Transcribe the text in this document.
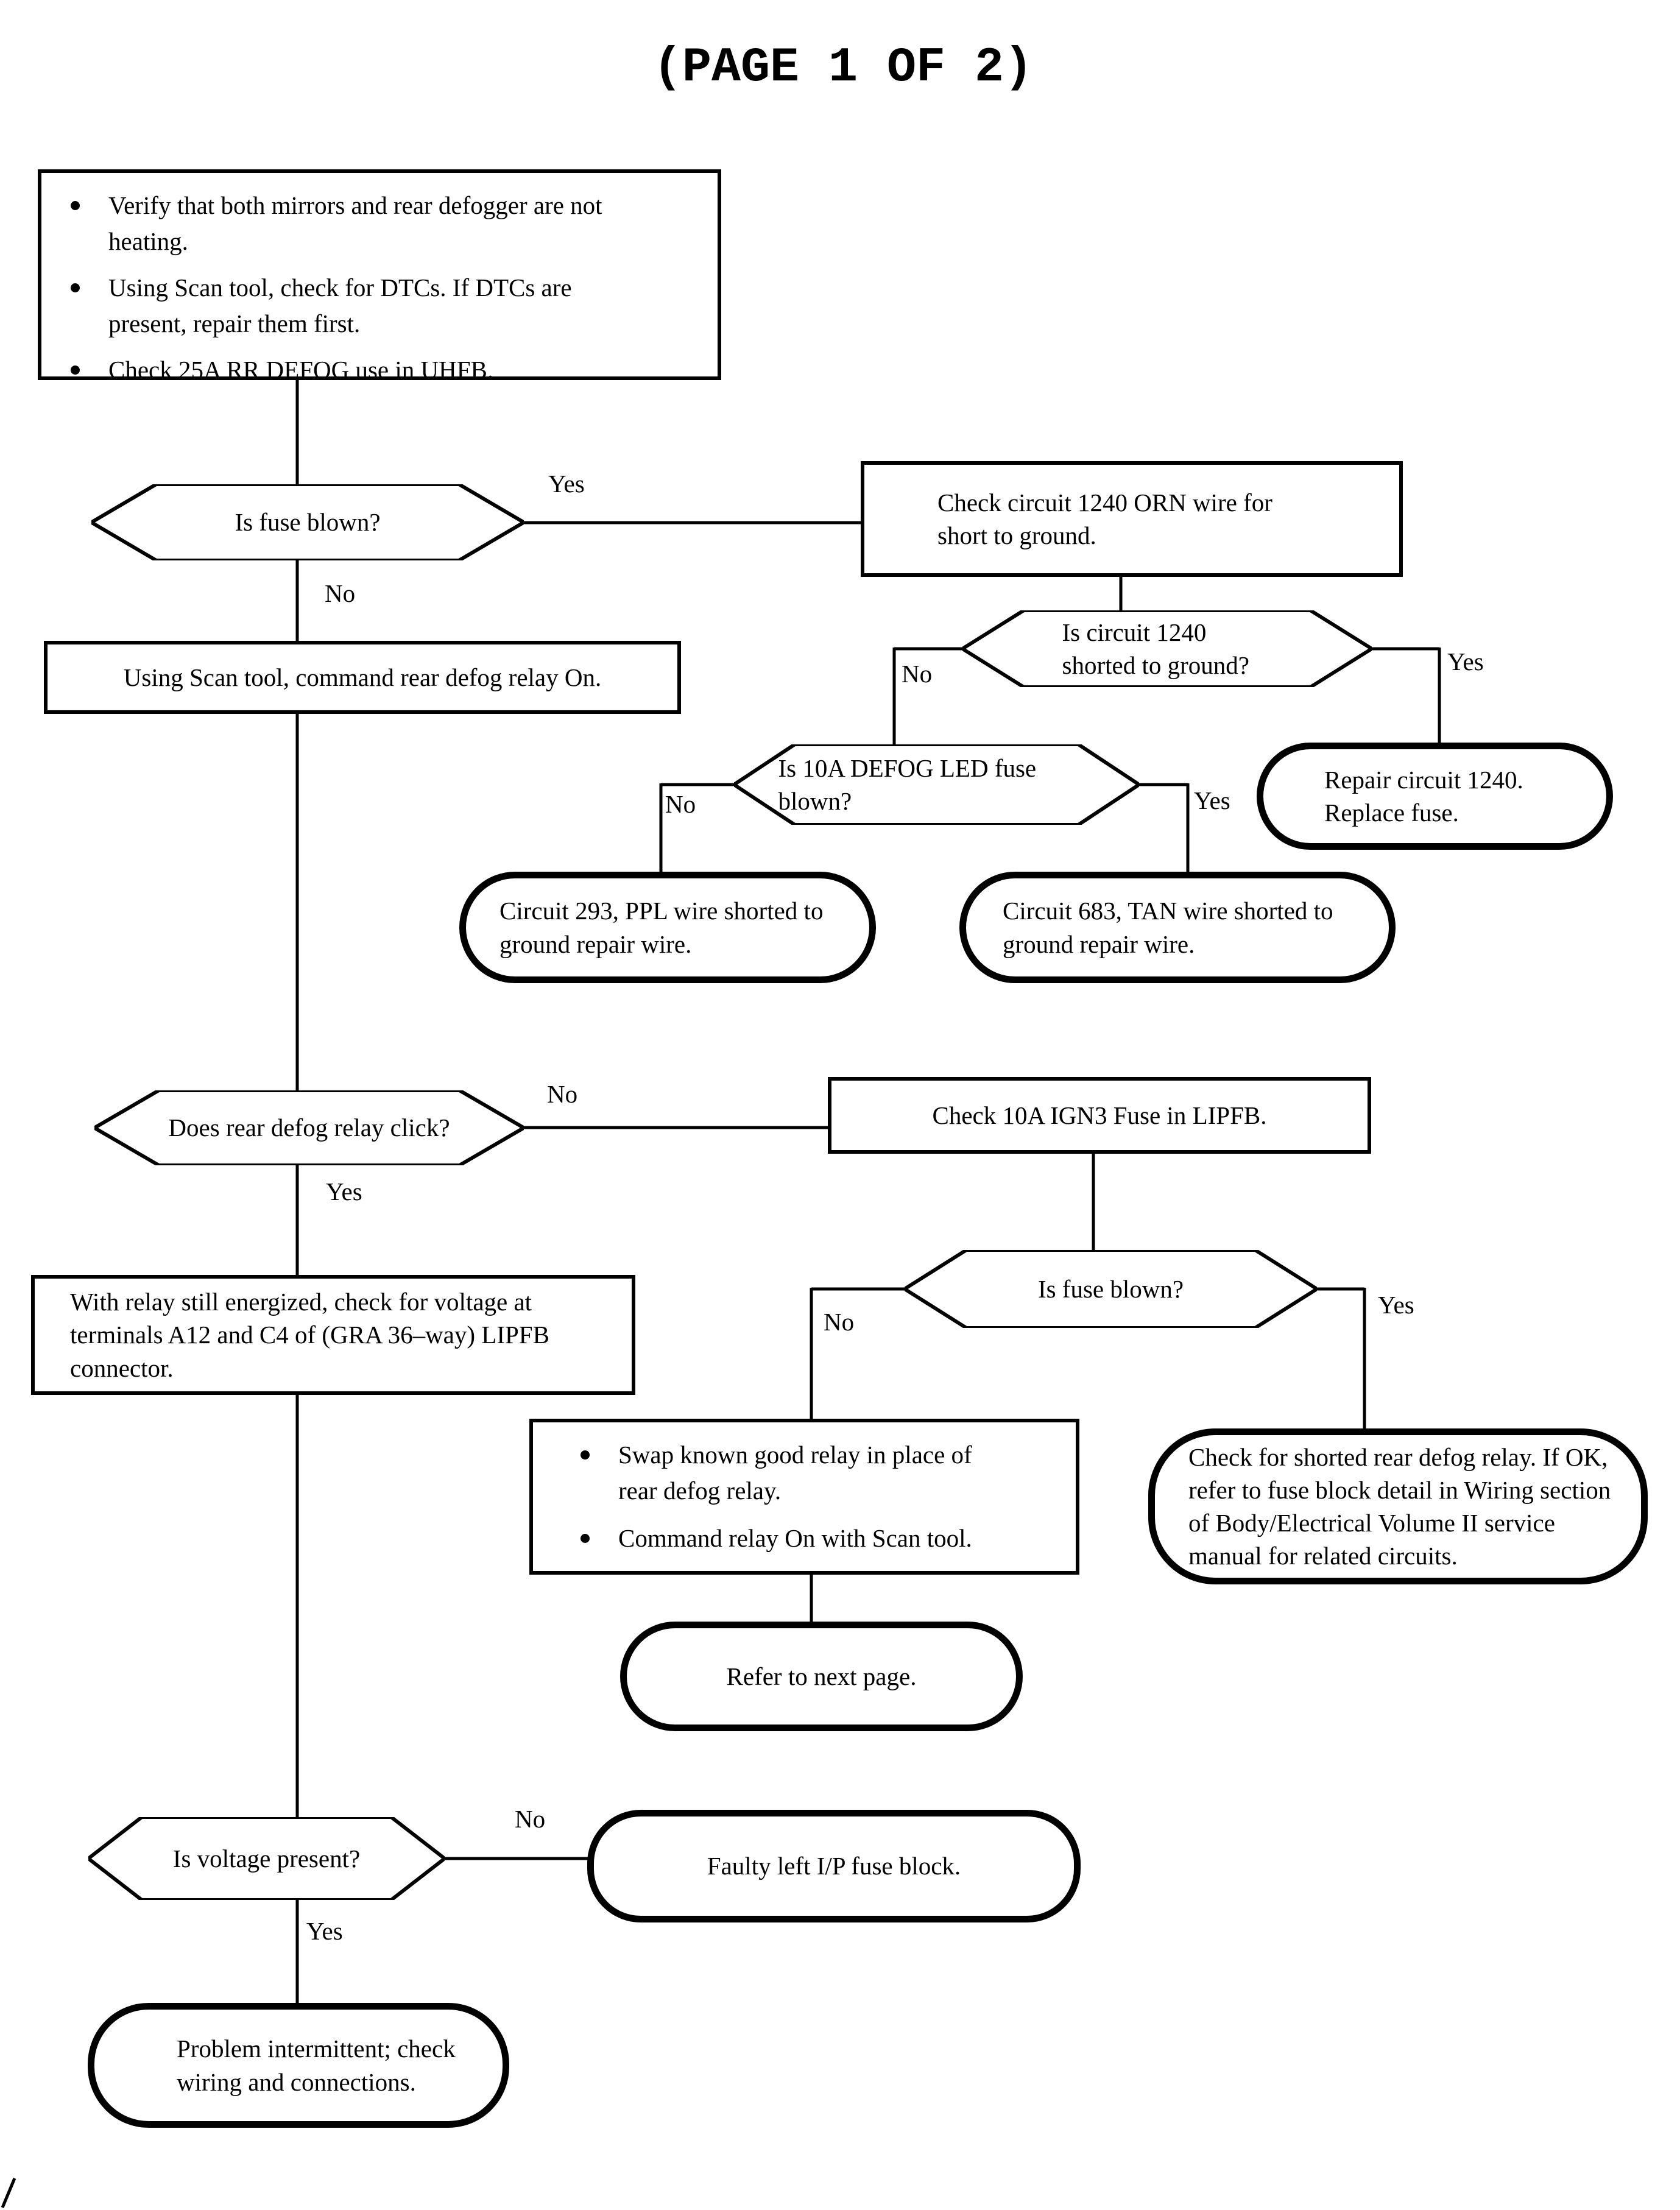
(PAGE 1 OF 2)
Verify that both mirrors and rear defogger are not heating.
Using Scan tool, check for DTCs. If DTCs are present, repair them first.
Check 25A RR DEFOG use in UHFB.
Is fuse blown?
Check circuit 1240 ORN wire for short to ground.
Using Scan tool, command rear defog relay On.
Is circuit 1240 shorted to ground?
Is 10A DEFOG LED fuse blown?
Repair circuit 1240. Replace fuse.
Circuit 293, PPL wire shorted to ground repair wire.
Circuit 683, TAN wire shorted to ground repair wire.
Does rear defog relay click?	Check 10A IGN3 Fuse in LIPFB.
Is fuse blown?
With relay still energized, check for voltage at terminals A12 and C4 of (GRA 36–way) LIPFB connector.
Swap known good relay in place of rear defog relay.
Command relay On with Scan tool.
Check for shorted rear defog relay. If OK, refer to fuse block detail in Wiring section of Body/Electrical Volume II service manual for related circuits.
Refer to next page.
Is voltage present?	Faulty left I/P fuse block.
Problem intermittent; check wiring and connections.
Yes
No
No	Yes
No	Yes
No
Yes
No
Yes
No
Yes
